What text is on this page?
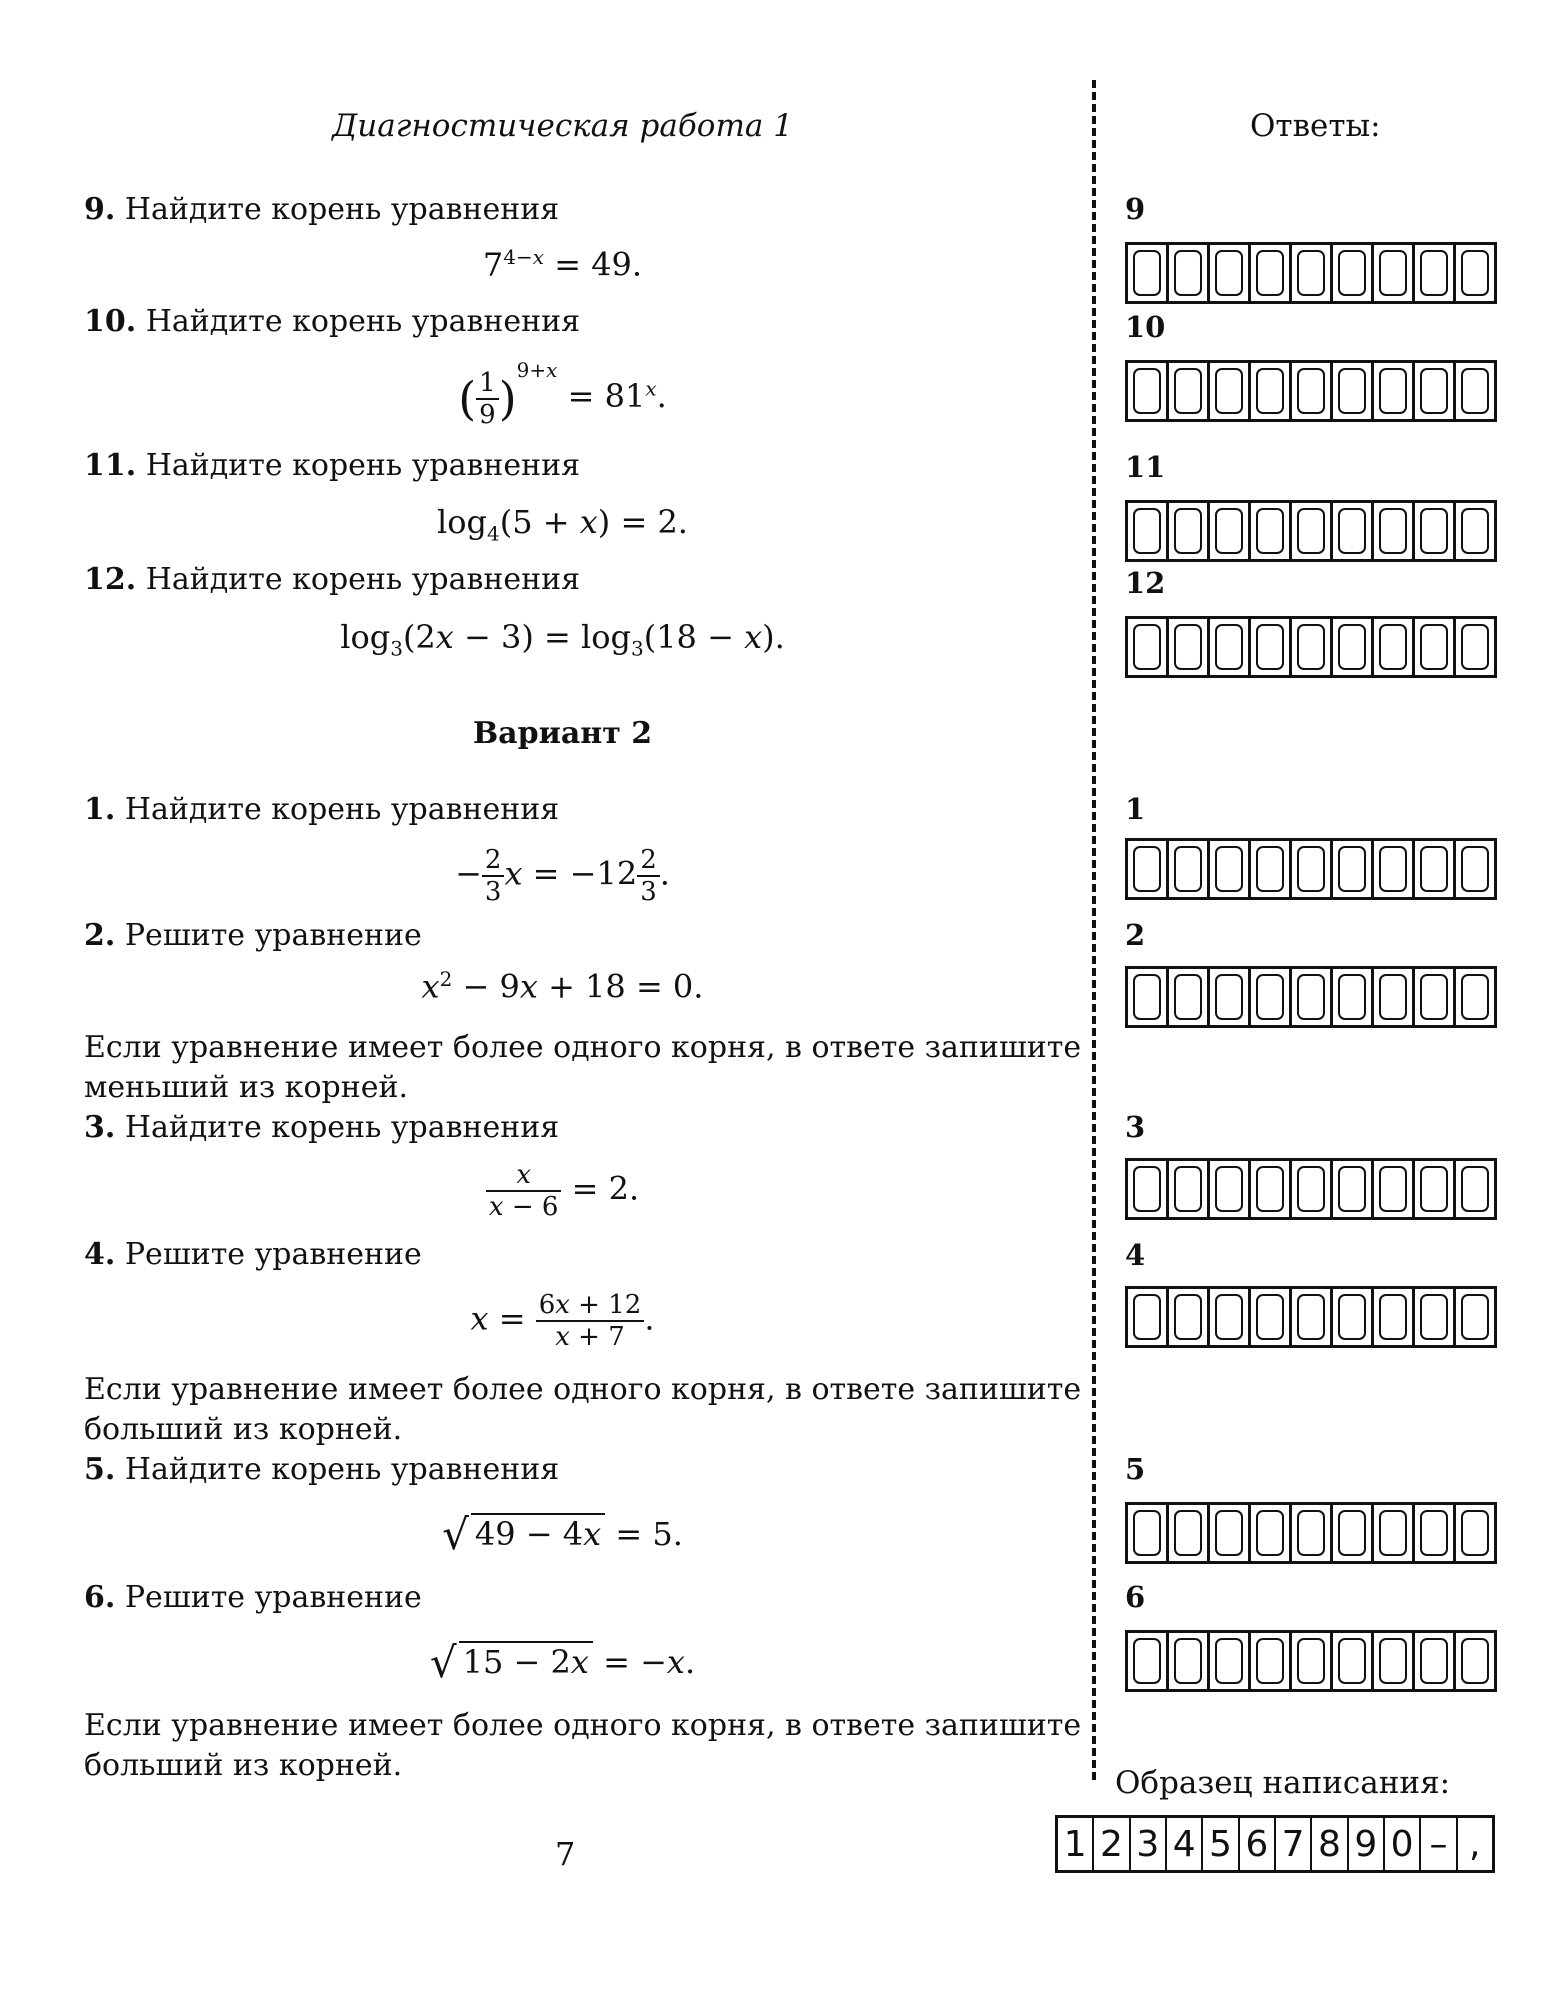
Диагностическая работа 1	Ответы:
9. Найдите корень уравнения
$7^{4-x} = 49$.
9
10. Найдите корень уравнения
( $\frac{1}{9} )^{9+x} = 81^x$.
10
11. Найдите корень уравнения
$\log_4(5 + x) = 2$.
11
12. Найдите корень уравнения
$\log_3(2x - 3) = \log_3(18 - x)$.
12
Вариант 2
1. Найдите корень уравнения
− $\frac{2}{3}$ $x = -12 \frac{2}{3}$ .
1
2. Решите уравнение
$x^2 - 9x + 18 = 0$.
Если уравнение имеет более одного корня, в ответе запишите
меньший из корней.
2
3. Найдите корень уравнения
$\frac{x}{x - 6} = 2$.
3
4. Решите уравнение
$x = \frac{6x + 12}{x + 7}$ .
Если уравнение имеет более одного корня, в ответе запишите
больший из корней.
4
5. Найдите корень уравнения
√ 49 − 4x = 5.
5
6. Решите уравнение
√ 15 − 2x = −x.
Если уравнение имеет более одного корня, в ответе запишите
больший из корней.
6
Образец написания:
1 2 3 4 5 6 7 8 9 0 – ,
7
